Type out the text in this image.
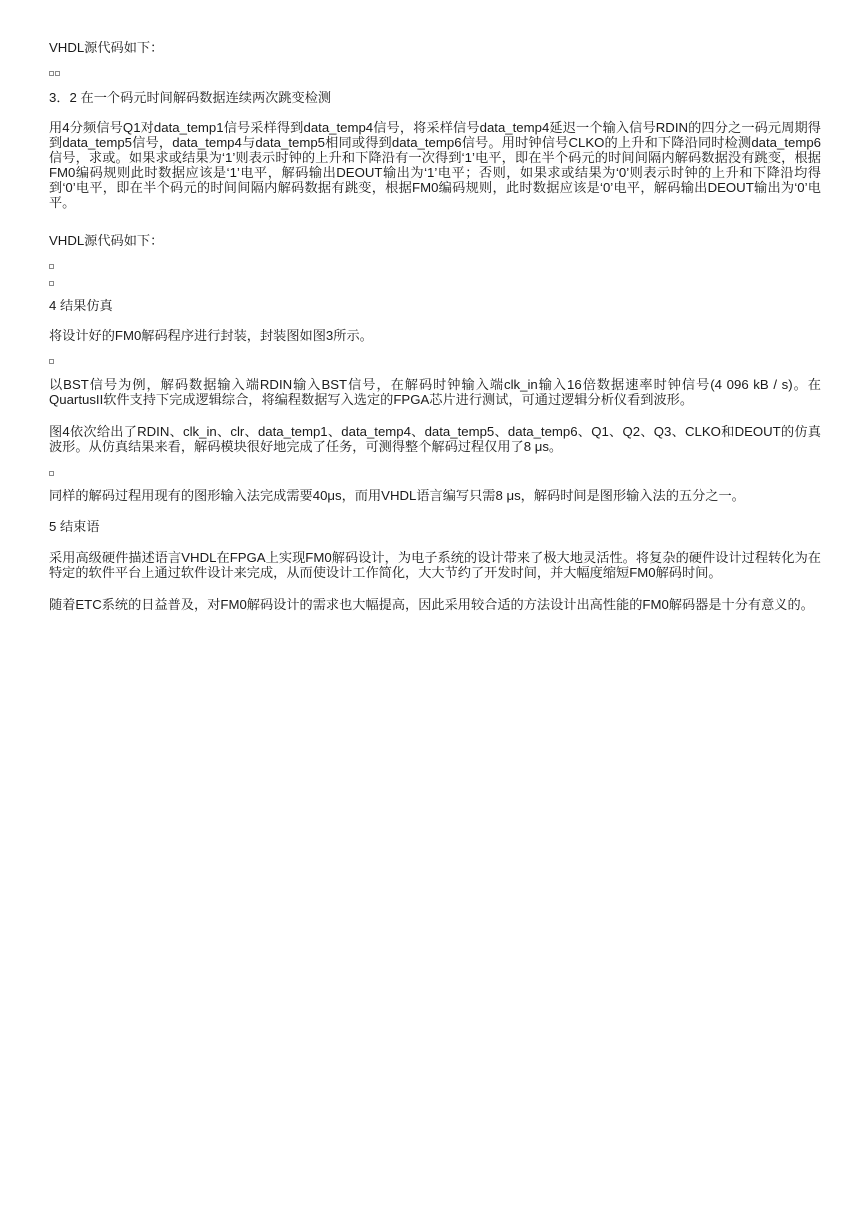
VHDL源代码如下：
3．2 在一个码元时间解码数据连续两次跳变检测
用4分频信号Q1对data_temp1信号采样得到data_temp4信号，将采样信号data_temp4延迟一个输入信号RDIN的四分之一码元周期得到data_temp5信号，data_temp4与data_temp5相同或得到data_temp6信号。用时钟信号CLKO的上升和下降沿同时检测data_temp6信号，求或。如果求或结果为‘1’则表示时钟的上升和下降沿有一次得到‘1’电平，即在半个码元的时间间隔内解码数据没有跳变，根据FM0编码规则此时数据应该是‘1’电平，解码输出DEOUT输出为‘1’电平；否则，如果求或结果为‘0’则表示时钟的上升和下降沿均得到‘0’电平，即在半个码元的时间间隔内解码数据有跳变，根据FM0编码规则，此时数据应该是‘0’电平，解码输出DEOUT输出为‘0’电平。
VHDL源代码如下：
4 结果仿真
将设计好的FM0解码程序进行封装，封装图如图3所示。
以BST信号为例，解码数据输入端RDIN输入BST信号，在解码时钟输入端clk_in输入16倍数据速率时钟信号(4 096 kB / s)。在QuartusII软件支持下完成逻辑综合，将编程数据写入选定的FPGA芯片进行测试，可通过逻辑分析仪看到波形。
图4依次给出了RDIN、clk_in、clr、data_temp1、data_temp4、data_temp5、data_temp6、Q1、Q2、Q3、CLKO和DEOUT的仿真波形。从仿真结果来看，解码模块很好地完成了任务，可测得整个解码过程仅用了8 μs。
同样的解码过程用现有的图形输入法完成需要40μs，而用VHDL语言编写只需8 μs，解码时间是图形输入法的五分之一。
5 结束语
采用高级硬件描述语言VHDL在FPGA上实现FM0解码设计，为电子系统的设计带来了极大地灵活性。将复杂的硬件设计过程转化为在特定的软件平台上通过软件设计来完成，从而使设计工作简化，大大节约了开发时间，并大幅度缩短FM0解码时间。
随着ETC系统的日益普及，对FM0解码设计的需求也大幅提高，因此采用较合适的方法设计出高性能的FM0解码器是十分有意义的。
